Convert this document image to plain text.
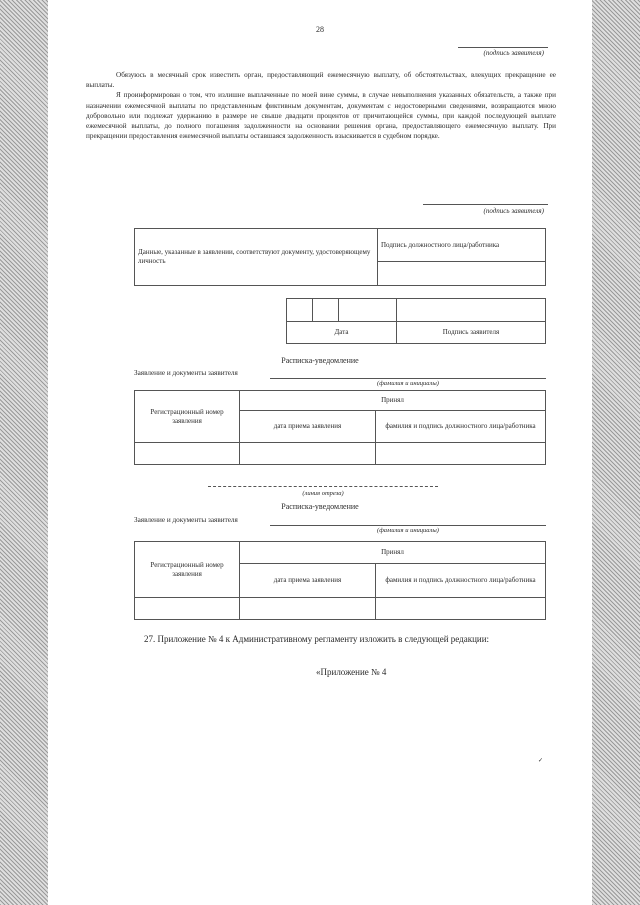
28
(подпись заявителя)

Обязуюсь в месячный срок известить орган, предоставляющий ежемесячную выплату, об обстоятельствах, влекущих прекращение ее выплаты.

Я проинформирован о том, что излишне выплаченные по моей вине суммы, в случае невыполнения указанных обязательств, а также при назначении ежемесячной выплаты по представленным фиктивным документам, документам с недостоверными сведениями, возвращаются мною добровольно или подлежат удержанию в размере не свыше двадцати процентов от причитающейся суммы, при каждой последующей выплате ежемесячной выплаты, до полного погашения задолженности на основании решения органа, предоставляющего ежемесячную выплату. При прекращении предоставления ежемесячной выплаты оставшаяся задолженность взыскивается в судебном порядке.

(подпись заявителя)
Данные, указанные в заявлении, соответствуют документу, удостоверяющему личность	Подпись должностного лица/работника

Дата			Подпись заявителя
Расписка-уведомление
Заявление и документы заявителя
(фамилия и инициалы)
Регистрационный номер заявления	Принял	
	дата приема заявления	фамилия и подпись должностного лица/работника

(линия отреза)
Расписка-уведомление
Заявление и документы заявителя
(фамилия и инициалы)
Регистрационный номер заявления	Принял	
	дата приема заявления	фамилия и подпись должностного лица/работника

27. Приложение № 4 к Административному регламенту изложить в следующей редакции:
«Приложение № 4
✓
